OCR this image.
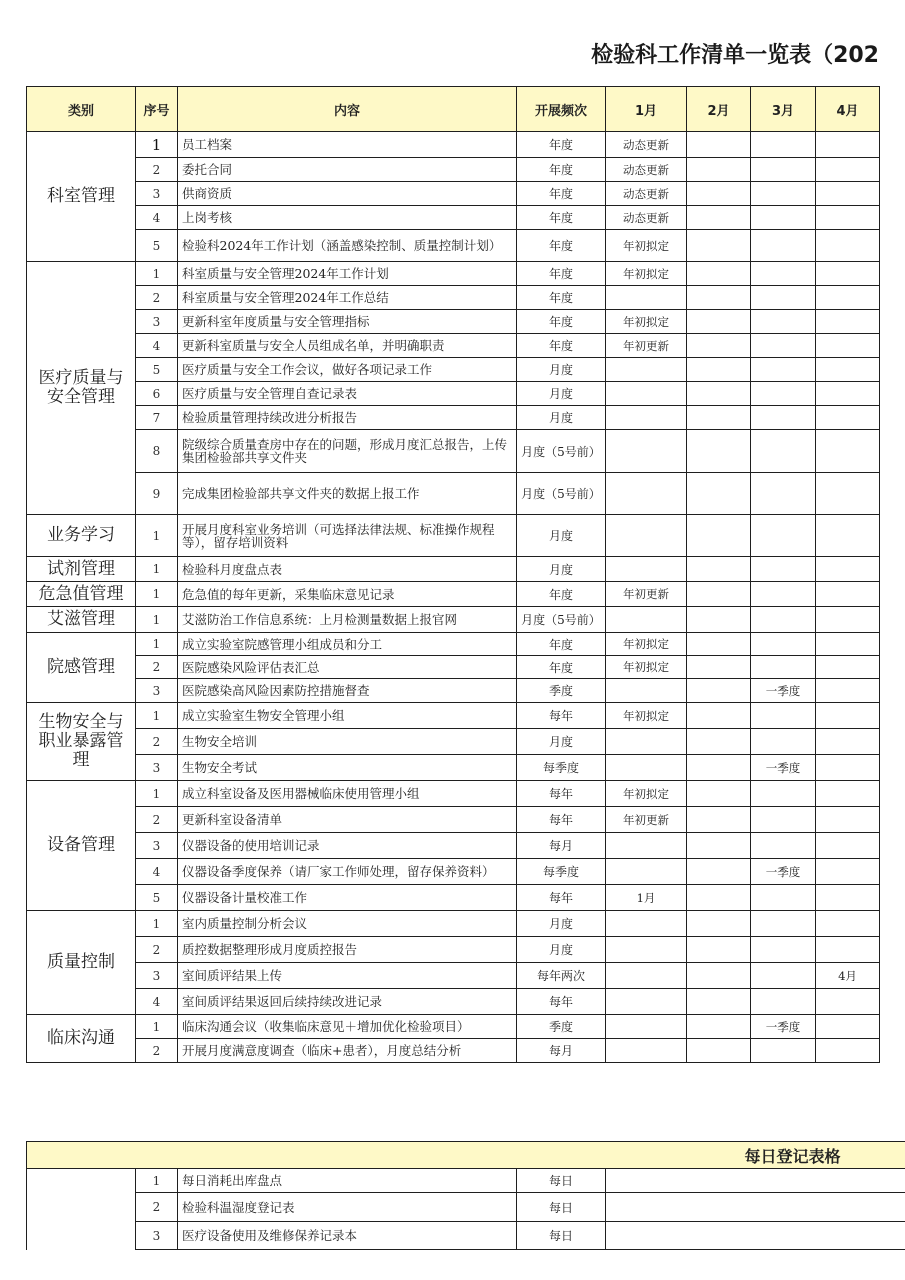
检验科工作清单一览表（202
类别	序号	内容	开展频次	1月	2月	3月	4月
科室管理	1	员工档案	年度	动态更新			
	2	委托合同	年度	动态更新			
	3	供商资质	年度	动态更新			
	4	上岗考核	年度	动态更新			
	5	检验科2024年工作计划（涵盖感染控制、质量控制计划）	年度	年初拟定			
医疗质量与安全管理	1	科室质量与安全管理2024年工作计划	年度	年初拟定			
	2	科室质量与安全管理2024年工作总结	年度				
	3	更新科室年度质量与安全管理指标	年度	年初拟定			
	4	更新科室质量与安全人员组成名单，并明确职责	年度	年初更新			
	5	医疗质量与安全工作会议，做好各项记录工作	月度				
	6	医疗质量与安全管理自查记录表	月度				
	7	检验质量管理持续改进分析报告	月度				
	8	院级综合质量查房中存在的问题，形成月度汇总报告，上传集团检验部共享文件夹	月度（5号前）				
	9	完成集团检验部共享文件夹的数据上报工作	月度（5号前）				
业务学习	1	开展月度科室业务培训（可选择法律法规、标准操作规程等），留存培训资料	月度				
试剂管理	1	检验科月度盘点表	月度				
危急值管理	1	危急值的每年更新，采集临床意见记录	年度	年初更新			
艾滋管理	1	艾滋防治工作信息系统：上月检测量数据上报官网	月度（5号前）				
院感管理	1	成立实验室院感管理小组成员和分工	年度	年初拟定			
	2	医院感染风险评估表汇总	年度	年初拟定			
	3	医院感染高风险因素防控措施督查	季度			一季度	
生物安全与职业暴露管理	1	成立实验室生物安全管理小组	每年	年初拟定			
	2	生物安全培训	月度				
	3	生物安全考试	每季度			一季度	
设备管理	1	成立科室设备及医用器械临床使用管理小组	每年	年初拟定			
	2	更新科室设备清单	每年	年初更新			
	3	仪器设备的使用培训记录	每月				
	4	仪器设备季度保养（请厂家工作师处理，留存保养资料）	每季度			一季度	
	5	仪器设备计量校准工作	每年	1月			
质量控制	1	室内质量控制分析会议	月度				
	2	质控数据整理形成月度质控报告	月度				
	3	室间质评结果上传	每年两次				4月
	4	室间质评结果返回后续持续改进记录	每年				
临床沟通	1	临床沟通会议（收集临床意见＋增加优化检验项目）	季度			一季度	
	2	开展月度满意度调查（临床+患者），月度总结分析	每月				
每日登记表格				
	1	每日消耗出库盘点	每日	
	2	检验科温湿度登记表	每日	
	3	医疗设备使用及维修保养记录本	每日	
